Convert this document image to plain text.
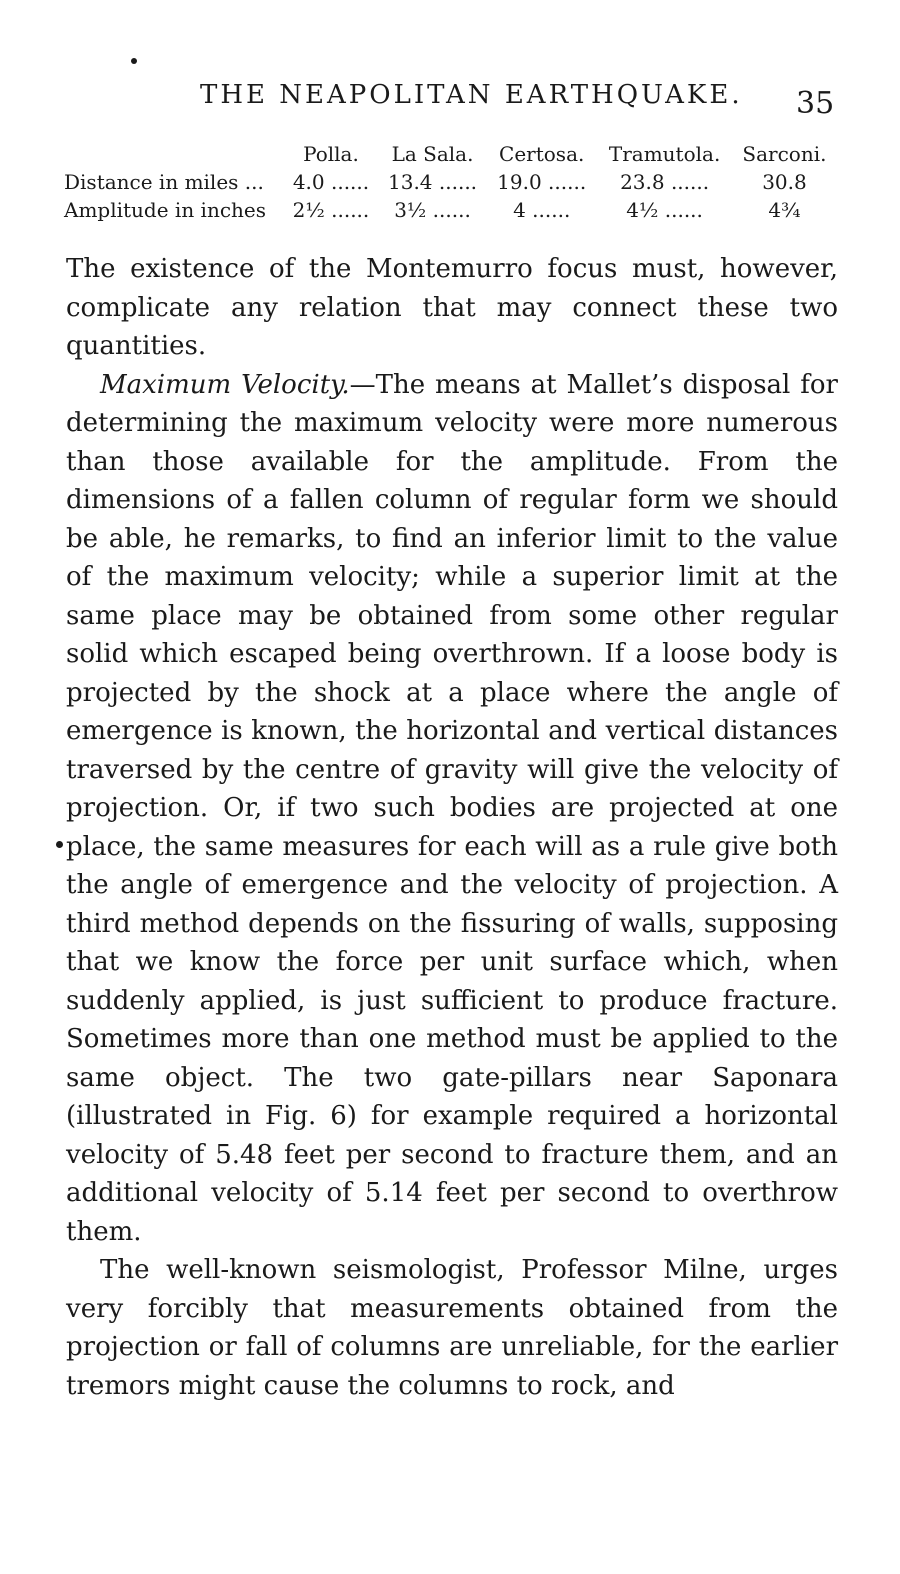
THE NEAPOLITAN EARTHQUAKE. 35
	Polla.	La Sala.	Certosa.	Tramutola.	Sarconi.
Distance in miles ...	4.0 ......	13.4 ......	19.0 ......	23.8 ......	30.8
Amplitude in inches	2½ ......	3½ ......	4 ......	4½ ......	4¾

The existence of the Montemurro focus must, however, complicate any relation that may connect these two quantities.

Maximum Velocity.—The means at Mallet’s disposal for determining the maximum velocity were more numerous than those available for the amplitude. From the dimensions of a fallen column of regular form we should be able, he remarks, to find an inferior limit to the value of the maximum velocity; while a superior limit at the same place may be obtained from some other regular solid which escaped being overthrown. If a loose body is projected by the shock at a place where the angle of emergence is known, the horizontal and vertical distances traversed by the centre of gravity will give the velocity of projection. Or, if two such bodies are projected at one place, the same measures for each will as a rule give both the angle of emergence and the velocity of projection. A third method depends on the fissuring of walls, supposing that we know the force per unit surface which, when suddenly applied, is just sufficient to produce fracture. Sometimes more than one method must be applied to the same object. The two gate-pillars near Saponara (illustrated in Fig. 6) for example required a horizontal velocity of 5.48 feet per second to fracture them, and an additional velocity of 5.14 feet per second to overthrow them.

The well-known seismologist, Professor Milne, urges very forcibly that measurements obtained from the projection or fall of columns are unreliable, for the earlier tremors might cause the columns to rock, and
